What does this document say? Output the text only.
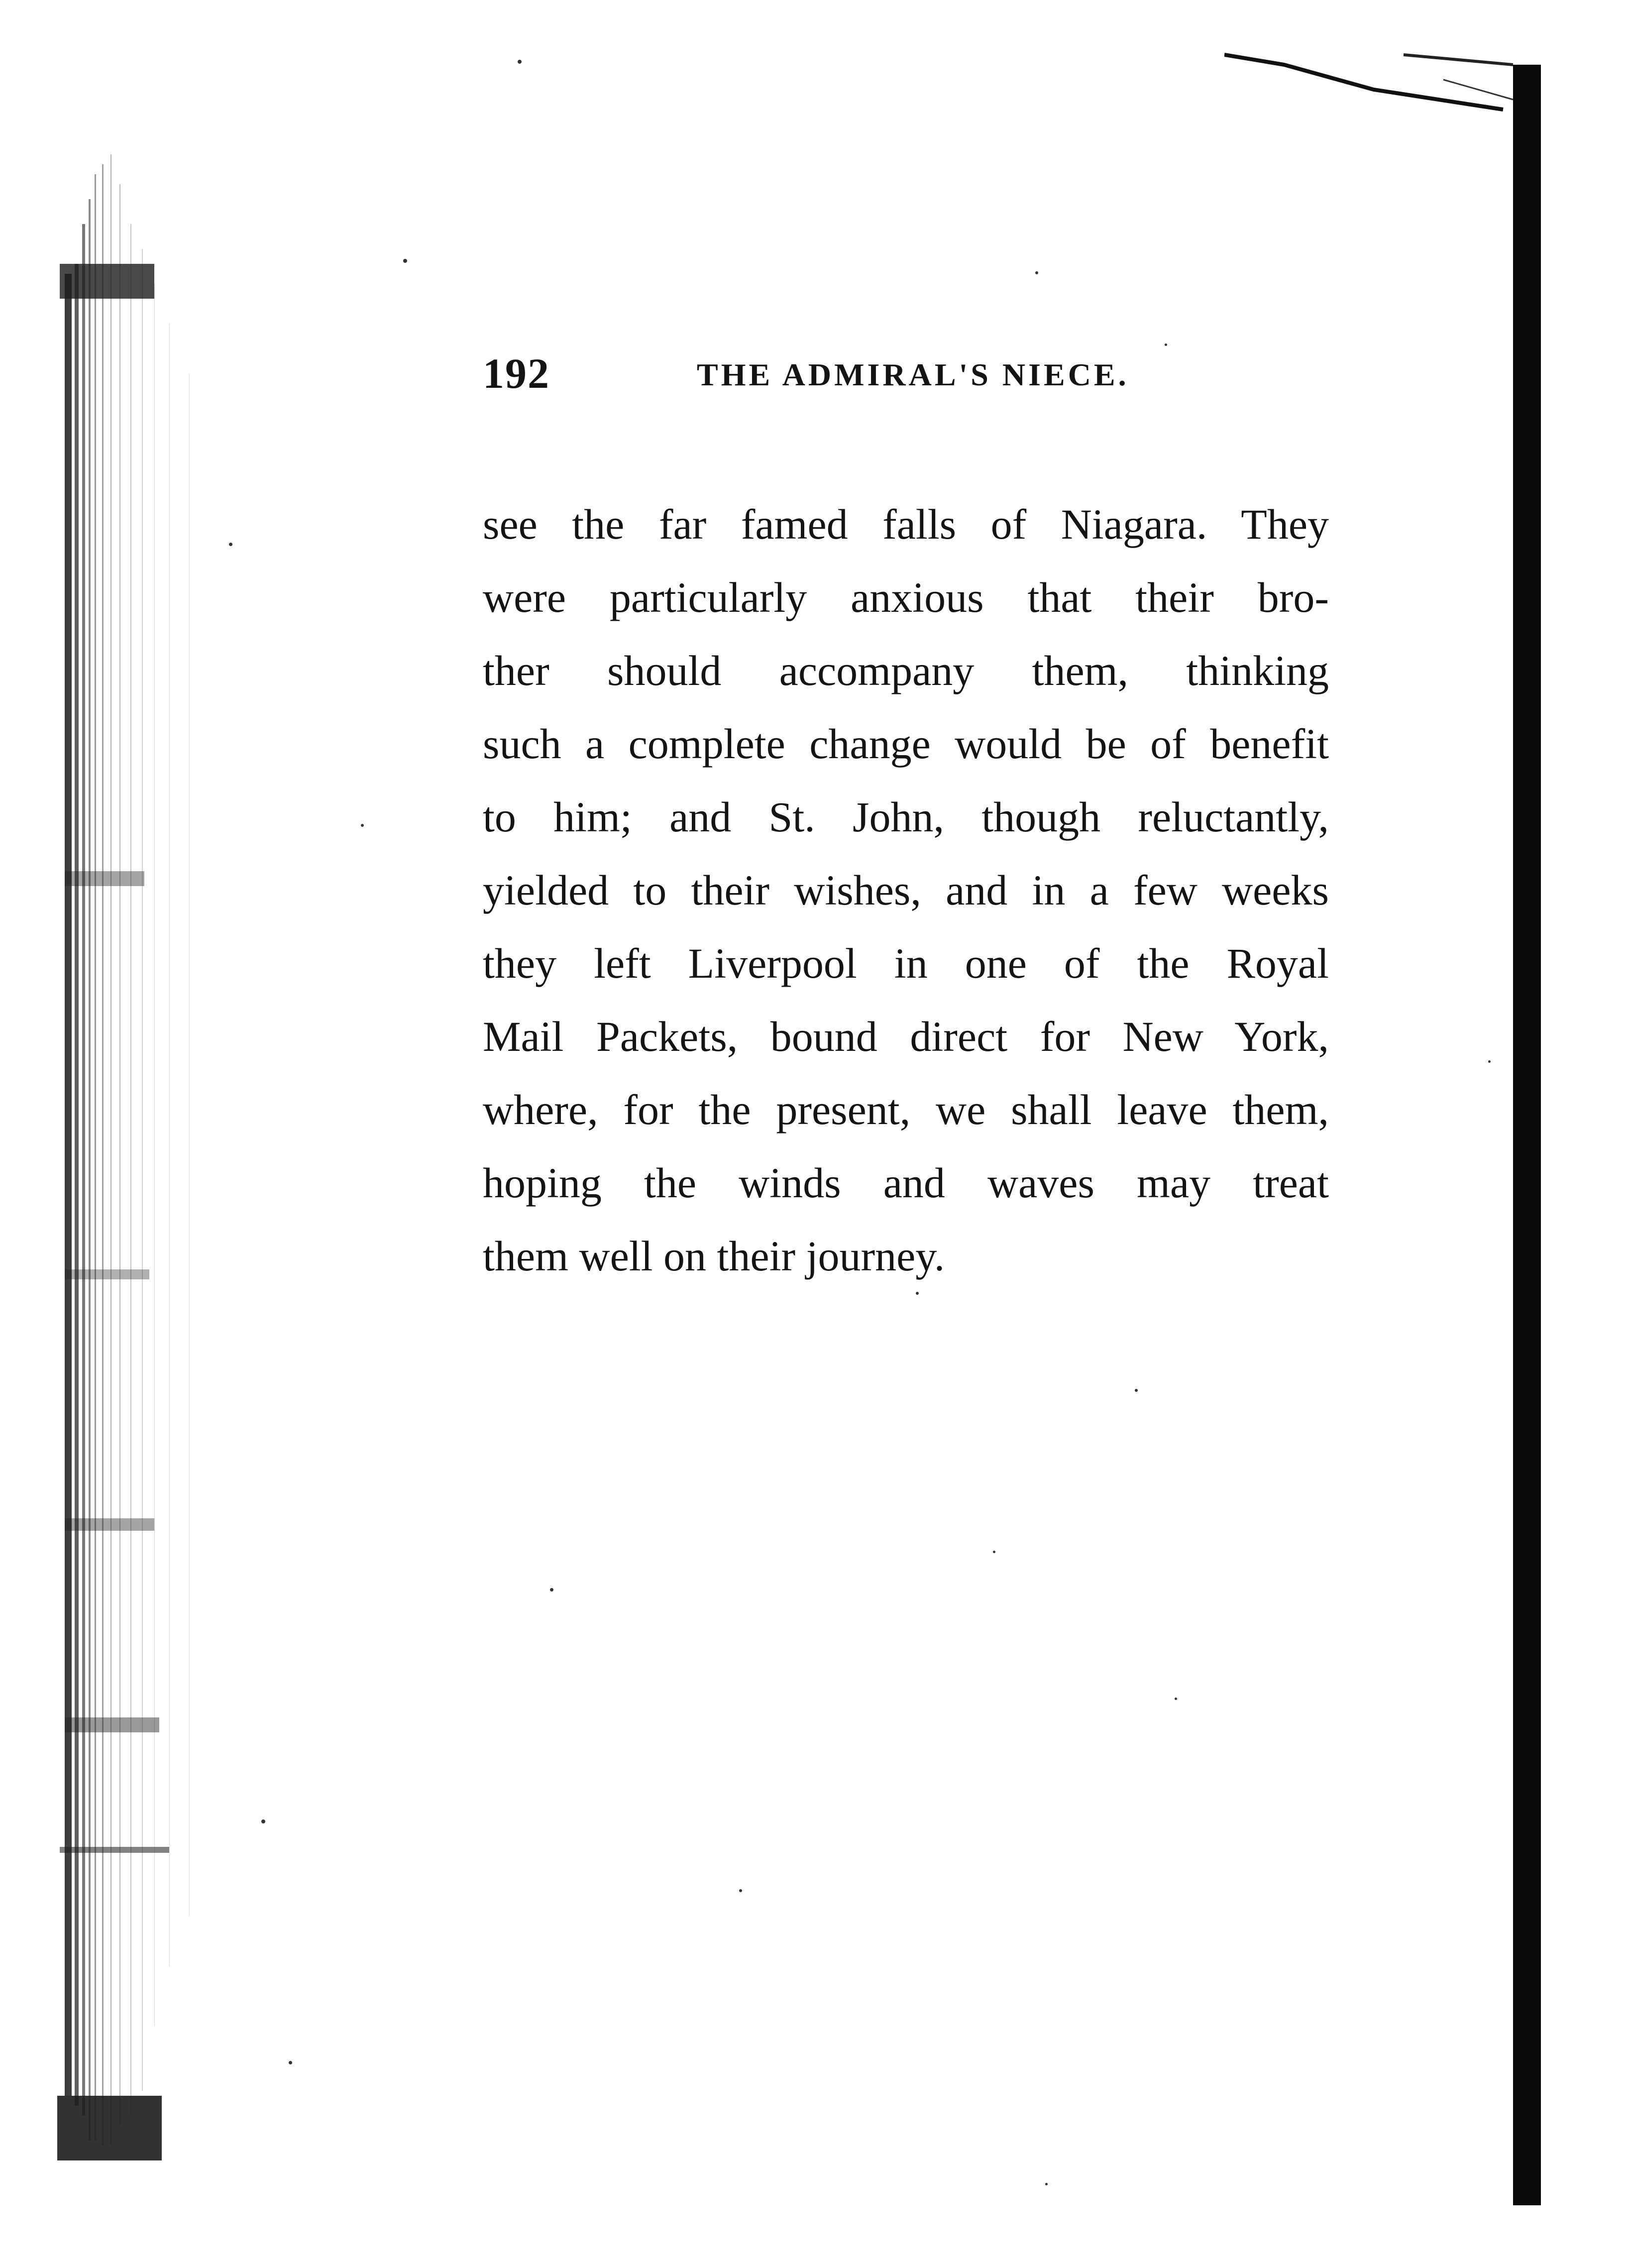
192	THE ADMIRAL'S NIECE.
see the far famed falls of Niagara. They
were particularly anxious that their bro-
ther should accompany them, thinking
such a complete change would be of benefit
to him; and St. John, though reluctantly,
yielded to their wishes, and in a few weeks
they left Liverpool in one of the Royal
Mail Packets, bound direct for New York,
where, for the present, we shall leave them,
hoping the winds and waves may treat
them well on their journey.
